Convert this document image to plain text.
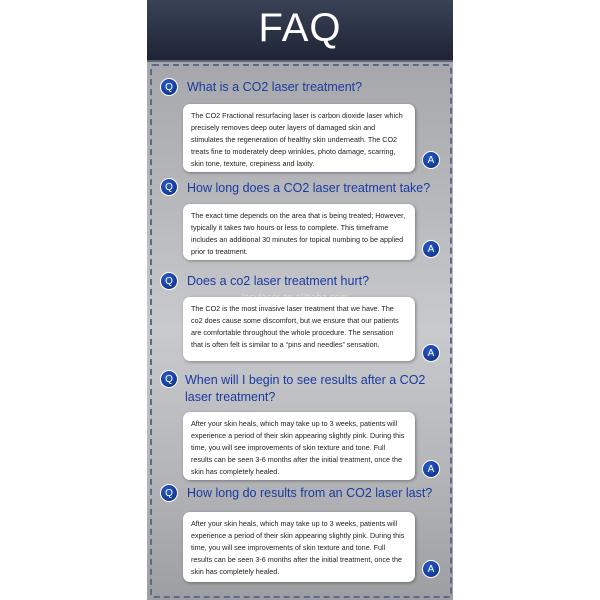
FAQ
Q	What is a CO2 laser treatment?
The CO2 Fractional resurfacing laser is carbon dioxide laser which precisely removes deep outer layers of damaged skin and stimulates the regeneration of healthy skin underneath. The CO2 treats fine to moderately deep wrinkles, photo damage, scarring, skin tone, texture, crepiness and laxity.	A
Q	How long does a CO2 laser treatment take?
The exact time depends on the area that is being treated; However, typically it takes two hours or less to complete. This timeframe includes an additional 30 minutes for topical numbing to be applied prior to treatment.	A
Q	Does a co2 laser treatment hurt?
The CO2 is the most invasive laser treatment that we have. The co2 does cause some discomfort, but we ensure that our patients are comfortable throughout the whole procedure. The sensation that is often felt is similar to a “pins and needles” sensation.
A
Q When will I begin to see results after a CO2 laser treatment?
After your skin heals, which may take up to 3 weeks, patients will experience a period of their skin appearing slightly pink. During this time, you will see improvements of skin texture and tone. Full results can be seen 3-6 months after the initial treatment, once the skin has completely healed.	A
Q	How long do results from an CO2 laser last?
After your skin heals, which may take up to 3 weeks, patients will experience a period of their skin appearing slightly pink. During this time, you will see improvements of skin texture and tone. Full results can be seen 3-6 months after the initial treatment, once the skin has completely healed.	A
